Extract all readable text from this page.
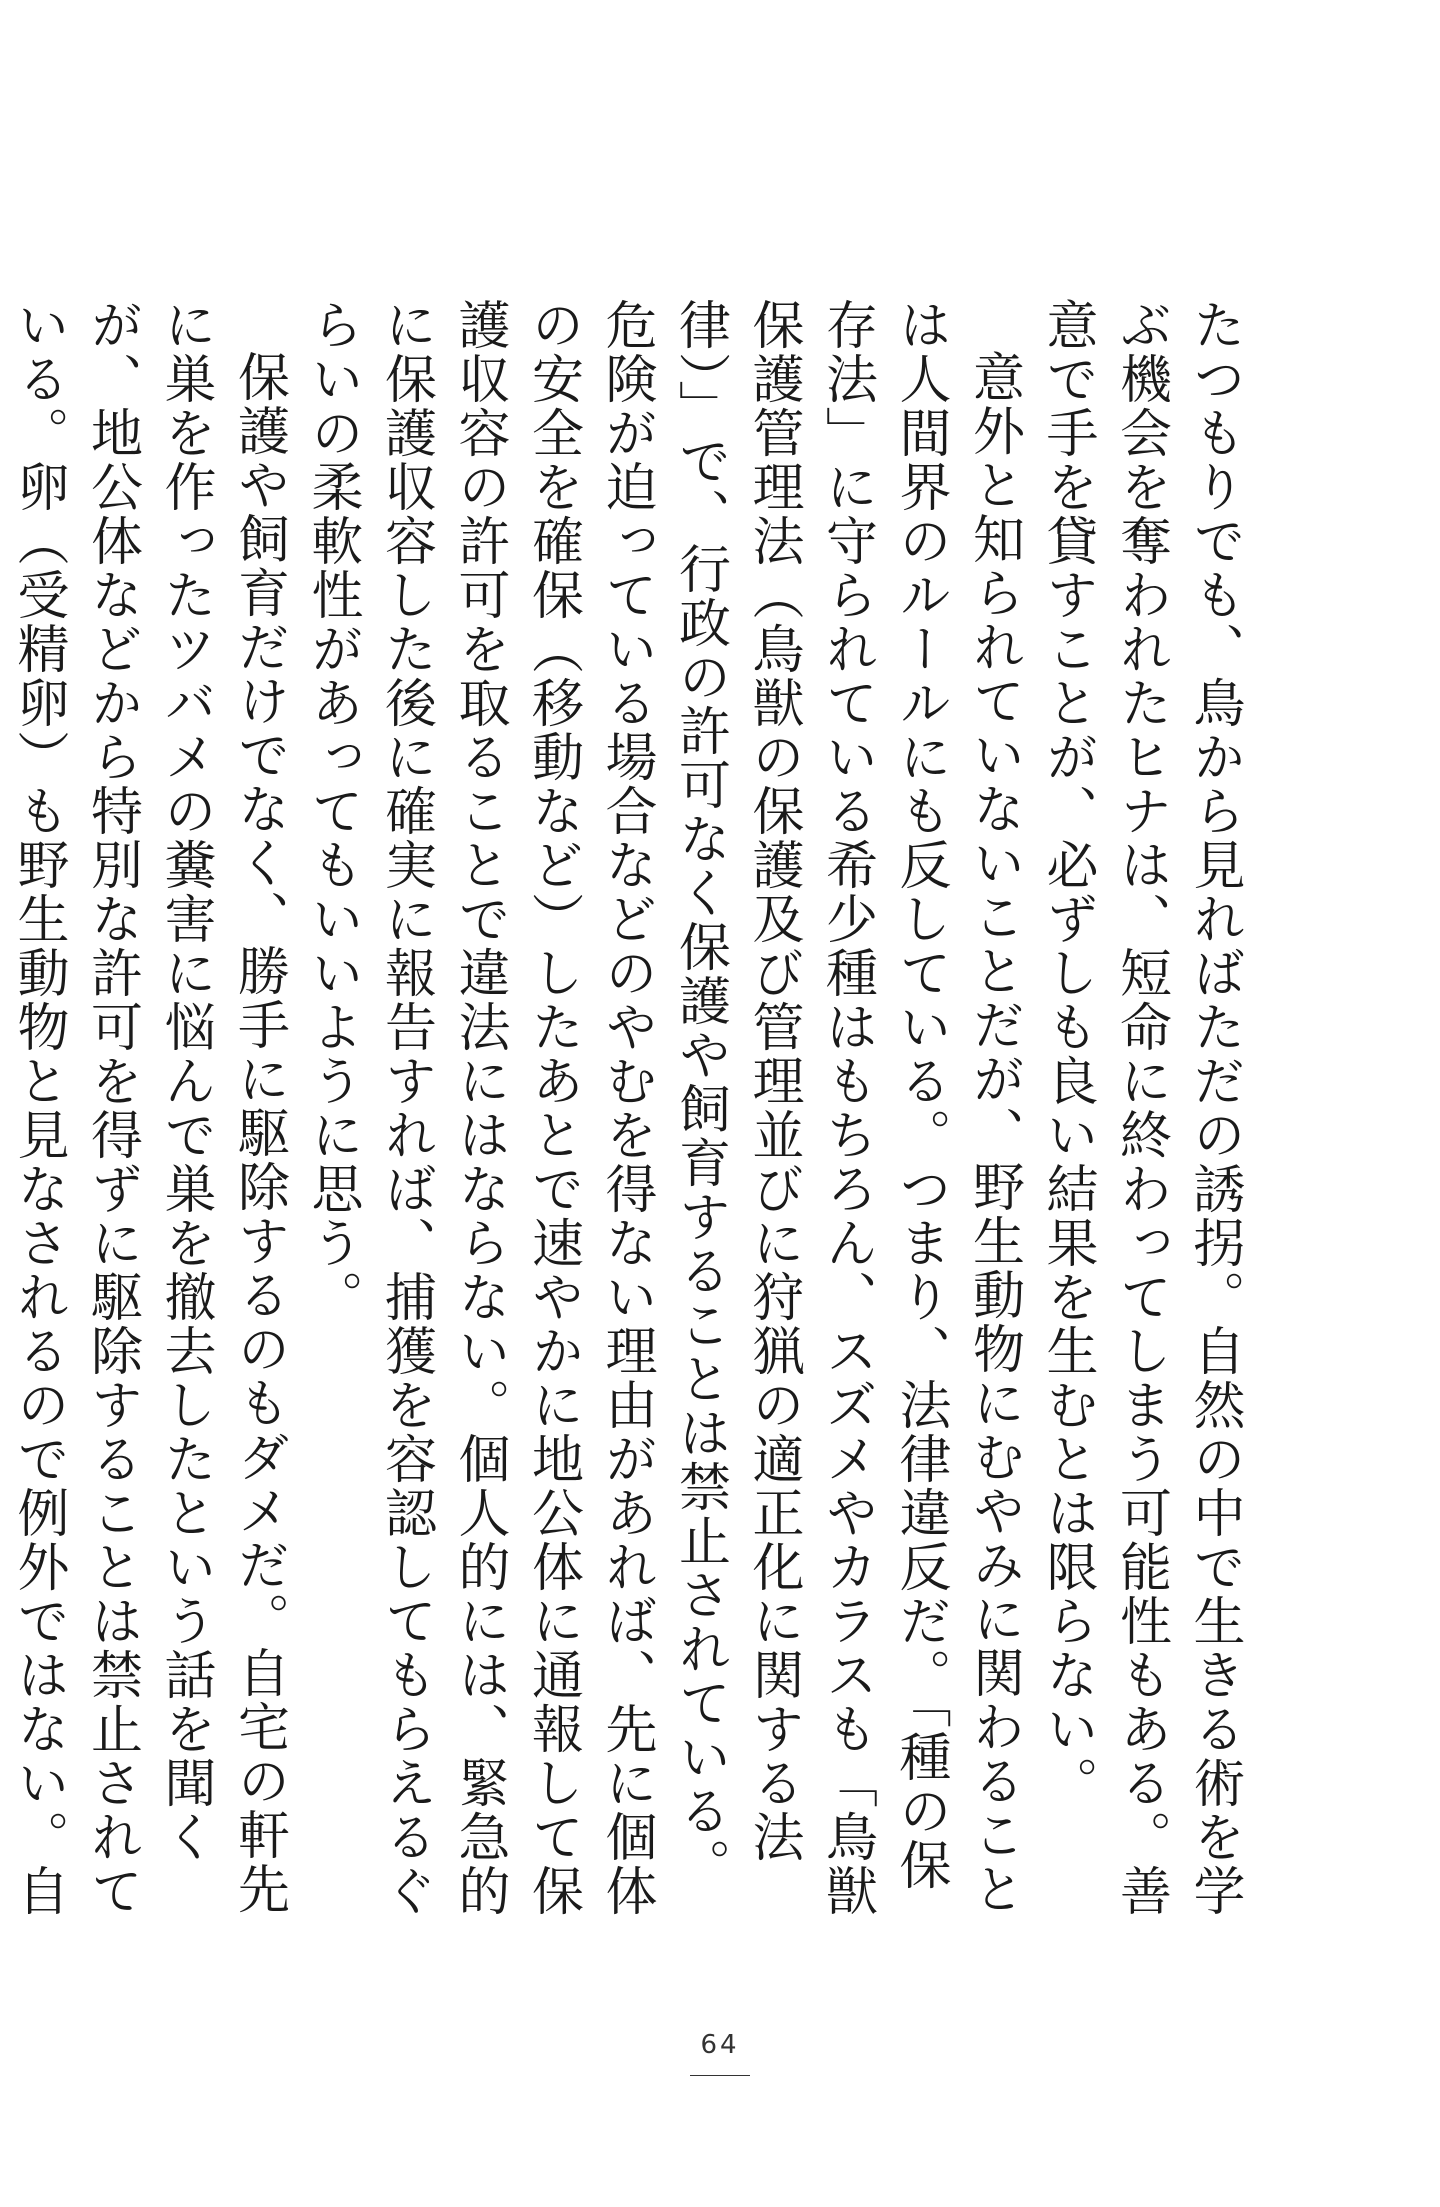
たつもりでも、鳥から見ればただの誘拐。自然の中で生きる術を学ぶ機会を奪われたヒナは、短命に終わってしまう可能性もある。善意で手を貸すことが、必ずしも良い結果を生むとは限らない。

意外と知られていないことだが、野生動物にむやみに関わることは人間界のルールにも反している。つまり、法律違反だ。「種の保存法」に守られている希少種はもちろん、スズメやカラスも「鳥獣保護管理法（鳥獣の保護及び管理並びに狩猟の適正化に関する法律）」で、行政の許可なく保護や飼育することは禁止されている。危険が迫っている場合などのやむを得ない理由があれば、先に個体の安全を確保（移動など）したあとで速やかに地公体に通報して保護収容の許可を取ることで違法にはならない。個人的には、緊急的に保護収容した後に確実に報告すれば、捕獲を容認してもらえるぐらいの柔軟性があってもいいように思う。

保護や飼育だけでなく、勝手に駆除するのもダメだ。自宅の軒先に巣を作ったツバメの糞害に悩んで巣を撤去したという話を聞くが、地公体などから特別な許可を得ずに駆除することは禁止されている。卵（受精卵）も野生動物と見なされるので例外ではない。自

64
